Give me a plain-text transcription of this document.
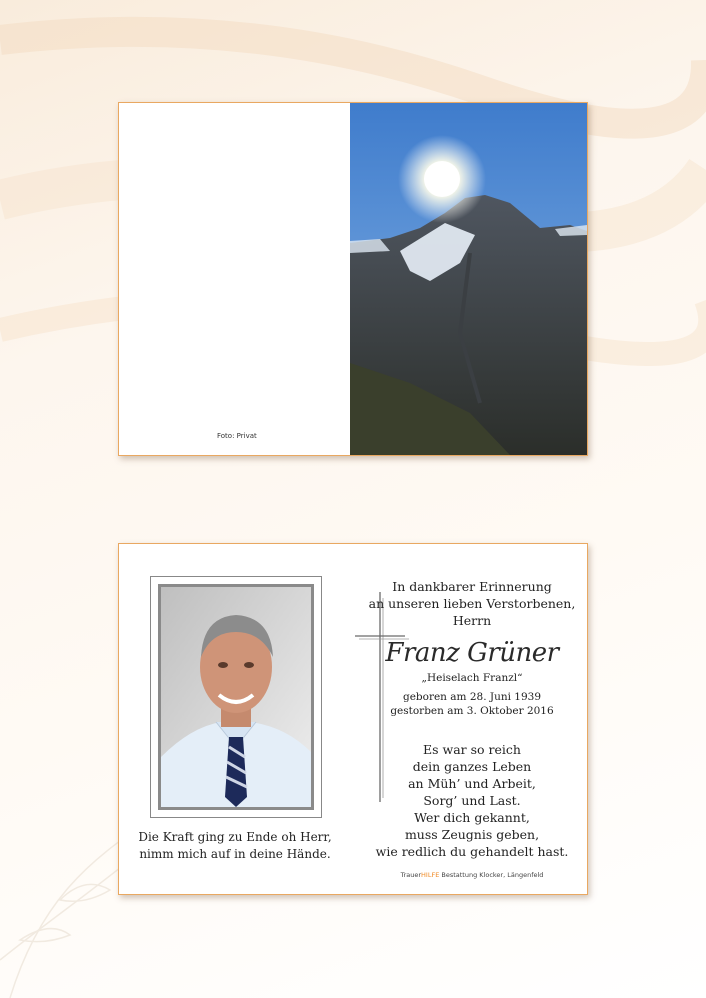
Foto: Privat
Die Kraft ging zu Ende oh Herr,
nimm mich auf in deine Hände.
In dankbarer Erinnerung
an unseren lieben Verstorbenen,
Herrn
Franz Grüner
„Heiselach Franzl“
geboren am 28. Juni 1939
gestorben am 3. Oktober 2016
Es war so reich
dein ganzes Leben
an Müh’ und Arbeit,
Sorg’ und Last.
Wer dich gekannt,
muss Zeugnis geben,
wie redlich du gehandelt hast.
TrauerHILFE Bestattung Klocker, Längenfeld
